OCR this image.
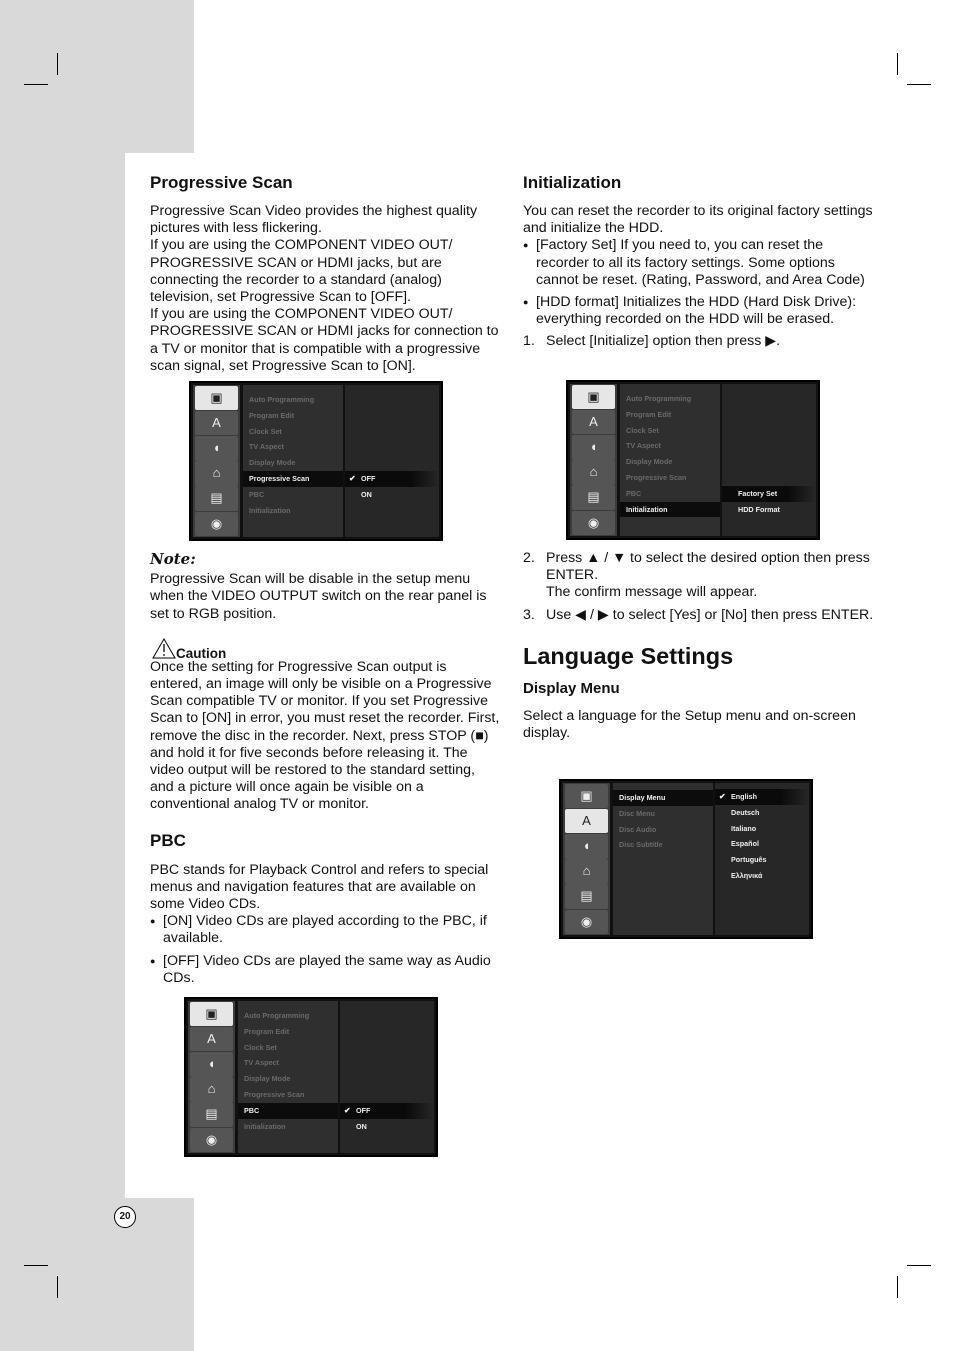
Progressive Scan

Progressive Scan Video provides the highest quality pictures with less flickering.

If you are using the COMPONENT VIDEO OUT/ PROGRESSIVE SCAN or HDMI jacks, but are connecting the recorder to a standard (analog) television, set Progressive Scan to [OFF].

If you are using the COMPONENT VIDEO OUT/ PROGRESSIVE SCAN or HDMI jacks for connection to a TV or monitor that is compatible with a progressive scan signal, set Progressive Scan to [ON].

▣
A
◖
⌂
▤
◉
Auto Programming
Program Edit
Clock Set
TV Aspect
Display Mode
Progressive Scan
PBC
Initialization
✔ OFF
ON
Note:

Progressive Scan will be disable in the setup menu when the VIDEO OUTPUT switch on the rear panel is set to RGB position.

Caution

Once the setting for Progressive Scan output is entered, an image will only be visible on a Progressive Scan compatible TV or monitor. If you set Progressive Scan to [ON] in error, you must reset the recorder. First, remove the disc in the recorder. Next, press STOP (■) and hold it for five seconds before releasing it. The video output will be restored to the standard setting, and a picture will once again be visible on a conventional analog TV or monitor.

PBC

PBC stands for Playback Control and refers to special menus and navigation features that are available on some Video CDs.

● [ON] Video CDs are played according to the PBC, if available.

● [OFF] Video CDs are played the same way as Audio CDs.

▣
A
◖
⌂
▤
◉
Auto Programming
Program Edit
Clock Set
TV Aspect
Display Mode
Progressive Scan
PBC
Initialization
✔ OFF
ON
Initialization

You can reset the recorder to its original factory settings and initialize the HDD.

● [Factory Set] If you need to, you can reset the recorder to all its factory settings. Some options cannot be reset. (Rating, Password, and Area Code)

● [HDD format] Initializes the HDD (Hard Disk Drive): everything recorded on the HDD will be erased.

1. Select [Initialize] option then press ▶.

▣
A
◖
⌂
▤
◉
Auto Programming
Program Edit
Clock Set
TV Aspect
Display Mode
Progressive Scan
PBC
Initialization
Factory Set
HDD Format

2. Press ▲ / ▼ to select the desired option then press ENTER.
The confirm message will appear.

3. Use ◀ / ▶ to select [Yes] or [No] then press ENTER.

Language Settings
Display Menu

Select a language for the Setup menu and on-screen display.

▣
A
◖
⌂
▤
◉
Display Menu
Disc Menu
Disc Audio
Disc Subtitle
✔ English
Deutsch
Italiano
Español
Português
Ελληνικά
20
